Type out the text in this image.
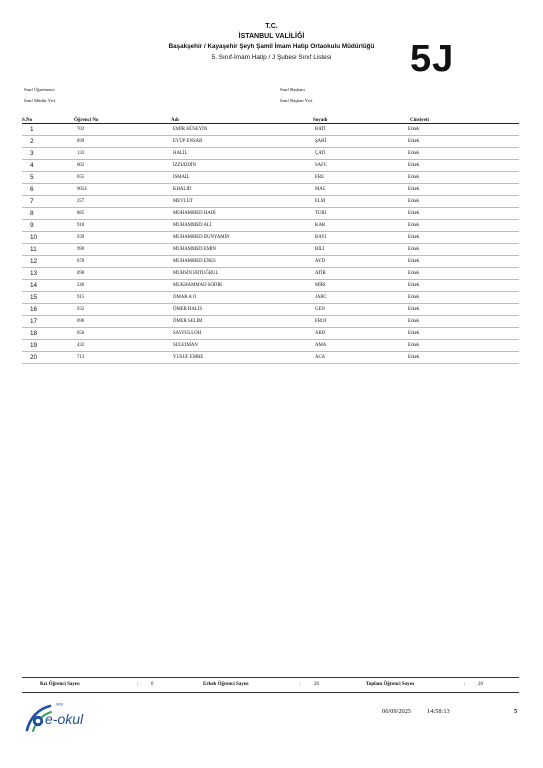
T.C.
İSTANBUL VALİLİĞİ
Başakşehir / Kayaşehir Şeyh Şamil İmam Hatip Ortaokulu Müdürlüğü
5. Sınıf-İmam Hatip / J Şubesi Sınıf Listesi	5J
Sınıf Öğretmeni:
Sınıf Müdür Yrd.
Sınıf Başkanı
Sınıf Başkan Yrd.
S.No	Öğrenci No	Adı	Soyadı	Cinsiyeti
1	703	EMİR HÜSEYİN	BATI	Erkek
2	899	EYÜP ENSAR	ŞAHİ	Erkek
3	133	HALİL	ÇATI	Erkek
4	602	İZZUDDİN	SAFC	Erkek
5	655	İSMAİL	ERE	Erkek
6	9054	KHALID	MAC	Erkek
7	257	MEVLÜT	ELM	Erkek
8	885	MOHAMMED HADİ	TURI	Erkek
9	918	MUHAMMED ALİ	KAR	Erkek
10	939	MUHAMMED BUNYAMİN	BAYI	Erkek
11	990	MUHAMMED EMİN	BİLİ	Erkek
12	670	MUHAMMED ENES	AYD	Erkek
13	898	MUHSİN ERTUĞRUL	ATİR	Erkek
14	246	MUKHAMMAD SODİK	MİRI	Erkek
15	915	OMAR A O	JARC	Erkek
16	932	ÖMER HALİS	GEN	Erkek
17	696	ÖMER SELİM	EROI	Erkek
18	650	SAYFULLOH	ABD	Erkek
19	432	SULEIMAN	AMA	Erkek
20	713	YUSUF EMRE	ACA	Erkek
Kız Öğrenci Sayısı	:	0	Erkek Öğrenci Sayısı	:	20	Toplam Öğrenci Sayısı	:	20
MEB
e-okul	06/09/2025 14:58:13	5
